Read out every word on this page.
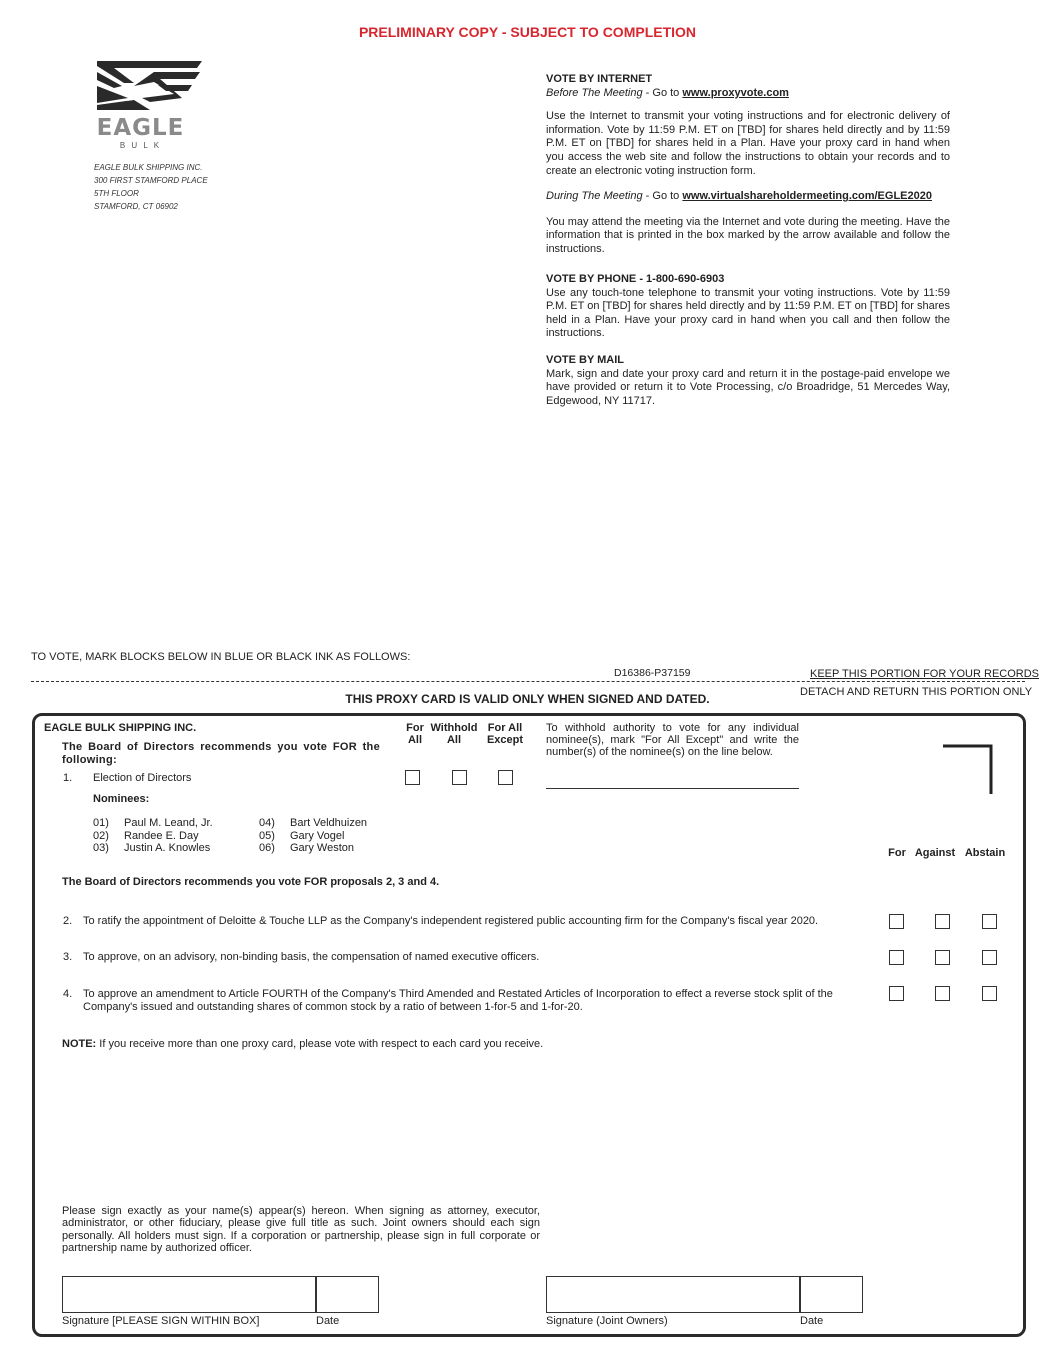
PRELIMINARY COPY - SUBJECT TO COMPLETION
EAGLE
B U L K
EAGLE BULK SHIPPING INC.
300 FIRST STAMFORD PLACE
5TH FLOOR
STAMFORD, CT 06902
VOTE BY INTERNET
Before The Meeting - Go to www.proxyvote.com
Use the Internet to transmit your voting instructions and for electronic delivery of information. Vote by 11:59 P.M. ET on [TBD] for shares held directly and by 11:59 P.M. ET on [TBD] for shares held in a Plan. Have your proxy card in hand when you access the web site and follow the instructions to obtain your records and to create an electronic voting instruction form.
During The Meeting - Go to www.virtualshareholdermeeting.com/EGLE2020
You may attend the meeting via the Internet and vote during the meeting. Have the information that is printed in the box marked by the arrow available and follow the instructions.
VOTE BY PHONE - 1-800-690-6903
Use any touch-tone telephone to transmit your voting instructions. Vote by 11:59 P.M. ET on [TBD] for shares held directly and by 11:59 P.M. ET on [TBD] for shares held in a Plan. Have your proxy card in hand when you call and then follow the instructions.
VOTE BY MAIL
Mark, sign and date your proxy card and return it in the postage-paid envelope we have provided or return it to Vote Processing, c/o Broadridge, 51 Mercedes Way, Edgewood, NY 11717.
TO VOTE, MARK BLOCKS BELOW IN BLUE OR BLACK INK AS FOLLOWS:
D16386-P37159	KEEP THIS PORTION FOR YOUR RECORDS
DETACH AND RETURN THIS PORTION ONLY
THIS PROXY CARD IS VALID ONLY WHEN SIGNED AND DATED.
EAGLE BULK SHIPPING INC.
The Board of Directors recommends you vote FOR the following:
For
All
Withhold
All
For All
Except
To withhold authority to vote for any individual nominee(s), mark "For All Except" and write the number(s) of the nominee(s) on the line below.
1. Election of Directors
Nominees:
01) Paul M. Leand, Jr.
02) Randee E. Day
03) Justin A. Knowles
04) Bart Veldhuizen
05) Gary Vogel
06) Gary Weston	For Against Abstain
The Board of Directors recommends you vote FOR proposals 2, 3 and 4.
2. To ratify the appointment of Deloitte & Touche LLP as the Company's independent registered public accounting firm for the Company's fiscal year 2020.
3. To approve, on an advisory, non-binding basis, the compensation of named executive officers.
4. To approve an amendment to Article FOURTH of the Company's Third Amended and Restated Articles of Incorporation to effect a reverse stock split of the Company's issued and outstanding shares of common stock by a ratio of between 1-for-5 and 1-for-20.
NOTE: If you receive more than one proxy card, please vote with respect to each card you receive.
Please sign exactly as your name(s) appear(s) hereon. When signing as attorney, executor, administrator, or other fiduciary, please give full title as such. Joint owners should each sign personally. All holders must sign. If a corporation or partnership, please sign in full corporate or partnership name by authorized officer.
Signature [PLEASE SIGN WITHIN BOX]	Date	Signature (Joint Owners)	Date
